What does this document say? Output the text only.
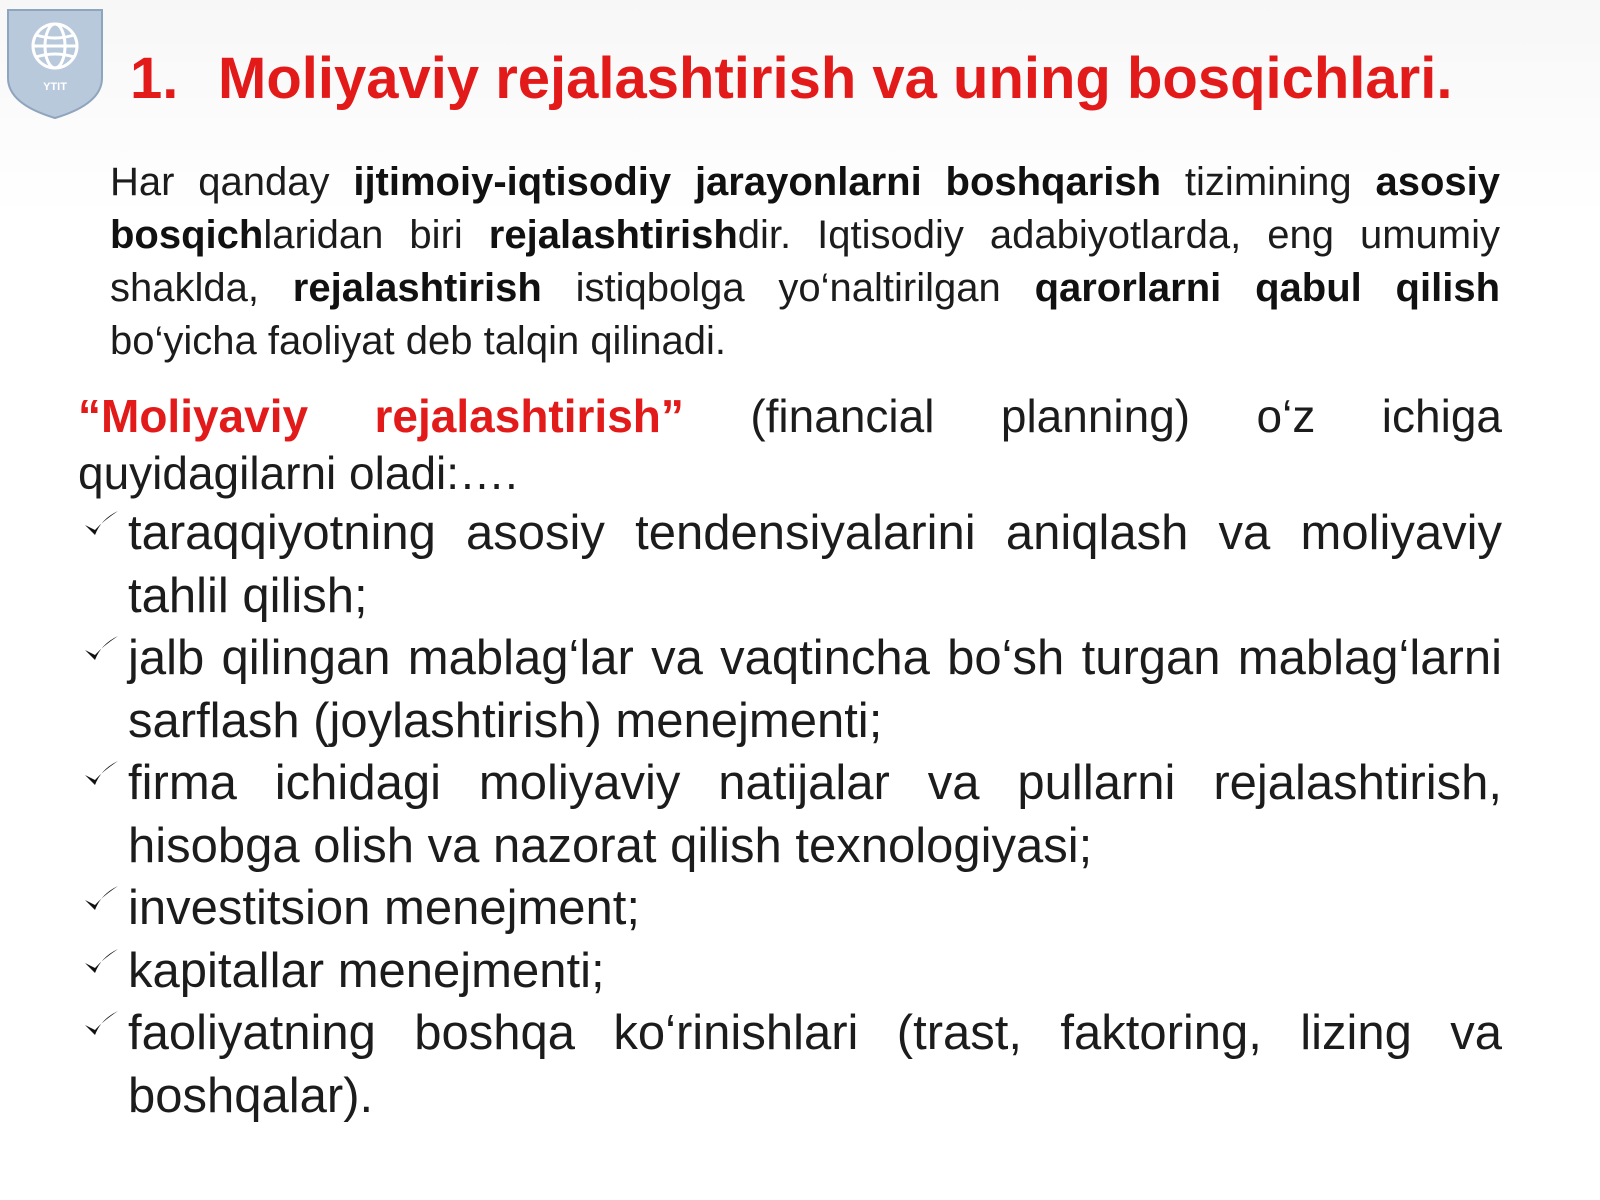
YTIT 1. Moliyaviy rejalashtirish va uning bosqichlari.

Har qanday ijtimoiy-iqtisodiy jarayonlarni boshqarish tizimining asosiy bosqichlaridan biri rejalashtirishdir. Iqtisodiy adabiyotlarda, eng umumiy shaklda, rejalashtirish istiqbolga yo‘naltirilgan qarorlarni qabul qilish bo‘yicha faoliyat deb talqin qilinadi.

“Moliyaviy rejalashtirish” (financial planning) o‘z ichiga quyidagilarni oladi:….

taraqqiyotning asosiy tendensiyalarini aniqlash va moliyaviy tahlil qilish;
jalb qilingan mablag‘lar va vaqtincha bo‘sh turgan mablag‘larni sarflash (joylashtirish) menejmenti;
firma ichidagi moliyaviy natijalar va pullarni rejalashtirish, hisobga olish va nazorat qilish texnologiyasi;
investitsion menejment;
kapitallar menejmenti;
faoliyatning boshqa ko‘rinishlari (trast, faktoring, lizing va boshqalar).
